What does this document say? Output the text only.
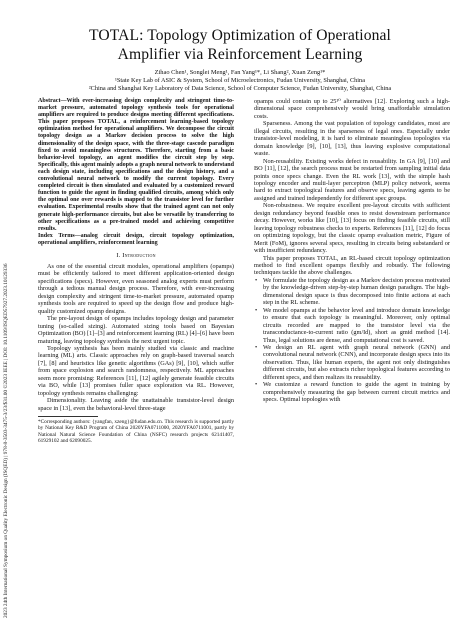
2023 24th International Symposium on Quality Electronic Design (ISQED) | 978-8-3503-3475-3/23/$31.00 ©2023 IEEE | DOI: 10.1109/ISQED57927.2023.10129336
TOTAL: Topology Optimization of Operational
Amplifier via Reinforcement Learning
Zihao Chen¹, Songlei Meng¹, Fan Yang¹*, Li Shang², Xuan Zeng¹*
¹State Key Lab of ASIC & System, School of Microelectronics, Fudan University, Shanghai, China
²China and Shanghai Key Laboratory of Data Science, School of Computer Science, Fudan University, Shanghai, China

Abstract—With ever-increasing design complexity and stringent time-to-market pressure, automated topology synthesis tools for operational amplifiers are required to produce designs meeting different specifications. This paper proposes TOTAL, a reinforcement learning-based topology optimization method for operational amplifiers. We decompose the circuit topology design as a Markov decision process to solve the high dimensionality of the design space, with the three-stage cascode paradigm fixed to avoid meaningless structures. Therefore, starting from a basic behavior-level topology, an agent modifies the circuit step by step. Specifically, this agent mainly adopts a graph neural network to understand each design state, including specifications and the design history, and a convolutional neural network to modify the current topology. Every completed circuit is then simulated and evaluated by a customized reward function to guide the agent in finding qualified circuits, among which only the optimal one over rewards is mapped to the transistor level for further evaluation. Experimental results show that the trained agent can not only generate high-performance circuits, but also be versatile by transferring to other specifications as a pre-trained model and achieving competitive results.

Index Terms—analog circuit design, circuit topology optimization, operational amplifiers, reinforcement learning

I. Introduction

As one of the essential circuit modules, operational amplifiers (opamps) must be efficiently tailored to meet different application-oriented design specifications (specs). However, even seasoned analog experts must perform through a tedious manual design process. Therefore, with ever-increasing design complexity and stringent time-to-market pressure, automated opamp synthesis tools are required to speed up the design flow and produce high-quality customized opamp designs.

The pre-layout design of opamps includes topology design and parameter tuning (so-called sizing). Automated sizing tools based on Bayesian Optimization (BO) [1]–[3] and reinforcement learning (RL) [4]–[6] have been maturing, leaving topology synthesis the next urgent topic.

Topology synthesis has been mainly studied via classic and machine learning (ML) arts. Classic approaches rely on graph-based traversal search [7], [8] and heuristics like genetic algorithms (GAs) [9], [10], which suffer from space explosion and search randomness, respectively. ML approaches seem more promising: References [11], [12] agilely generate feasible circuits via BO, while [13] promises fuller space exploration via RL. However, topology synthesis remains challenging:

Dimensionality. Leaving aside the unattainable transistor-level design space in [13], even the behavioral-level three-stage

*Corresponding authors: {yangfan, xzeng}@fudan.edu.cn. This research is supported partly by National Key R&D Program of China 2020YFA0711000, 2020YFA0711001, partly by National Natural Science Foundation of China (NSFC) research projects 62141407, 61929102 and 62090025.

opamps could contain up to 25¹⁰ alternatives [12]. Exploring such a high-dimensional space comprehensively would bring unaffordable simulation costs.

Sparseness. Among the vast population of topology candidates, most are illegal circuits, resulting in the sparseness of legal ones. Especially under transistor-level modeling, it is hard to eliminate meaningless topologies via domain knowledge [9], [10], [13], thus leaving explosive computational waste.

Non-reusability. Existing works defect in reusability. In GA [9], [10] and BO [11], [12], the search process must be restarted from sampling initial data points once specs change. Even the RL work [13], with the simple hash topology encoder and multi-layer perceptron (MLP) policy network, seems hard to extract topological features and observe specs, leaving agents to be assigned and trained independently for different spec groups.

Non-robustness. We require excellent pre-layout circuits with sufficient design redundancy beyond feasible ones to resist downstream performance decay. However, works like [10], [13] focus on finding feasible circuits, still leaving topology robustness checks to experts. References [11], [12] do focus on optimizing topology, but the classic opamp evaluation metric, Figure of Merit (FoM), ignores several specs, resulting in circuits being substandard or with insufficient redundancy.

This paper proposes TOTAL, an RL-based circuit topology optimization method to find excellent opamps flexibly and robustly. The following techniques tackle the above challenges.

• We formulate the topology design as a Markov decision process motivated by the knowledge-driven step-by-step human design paradigm. The high-dimensional design space is thus decomposed into finite actions at each step in the RL scheme.
• We model opamps at the behavior level and introduce domain knowledge to ensure that each topology is meaningful. Moreover, only optimal circuits recorded are mapped to the transistor level via the transconductance-to-current ratio (gm/Id), short as gmid method [14]. Thus, legal solutions are dense, and computational cost is saved.
• We design an RL agent with graph neural network (GNN) and convolutional neural network (CNN), and incorporate design specs into its observation. Thus, like human experts, the agent not only distinguishes different circuits, but also extracts richer topological features according to different specs, and then realizes its reusability.
• We customize a reward function to guide the agent in training by comprehensively measuring the gap between current circuit metrics and specs. Optimal topologies with
